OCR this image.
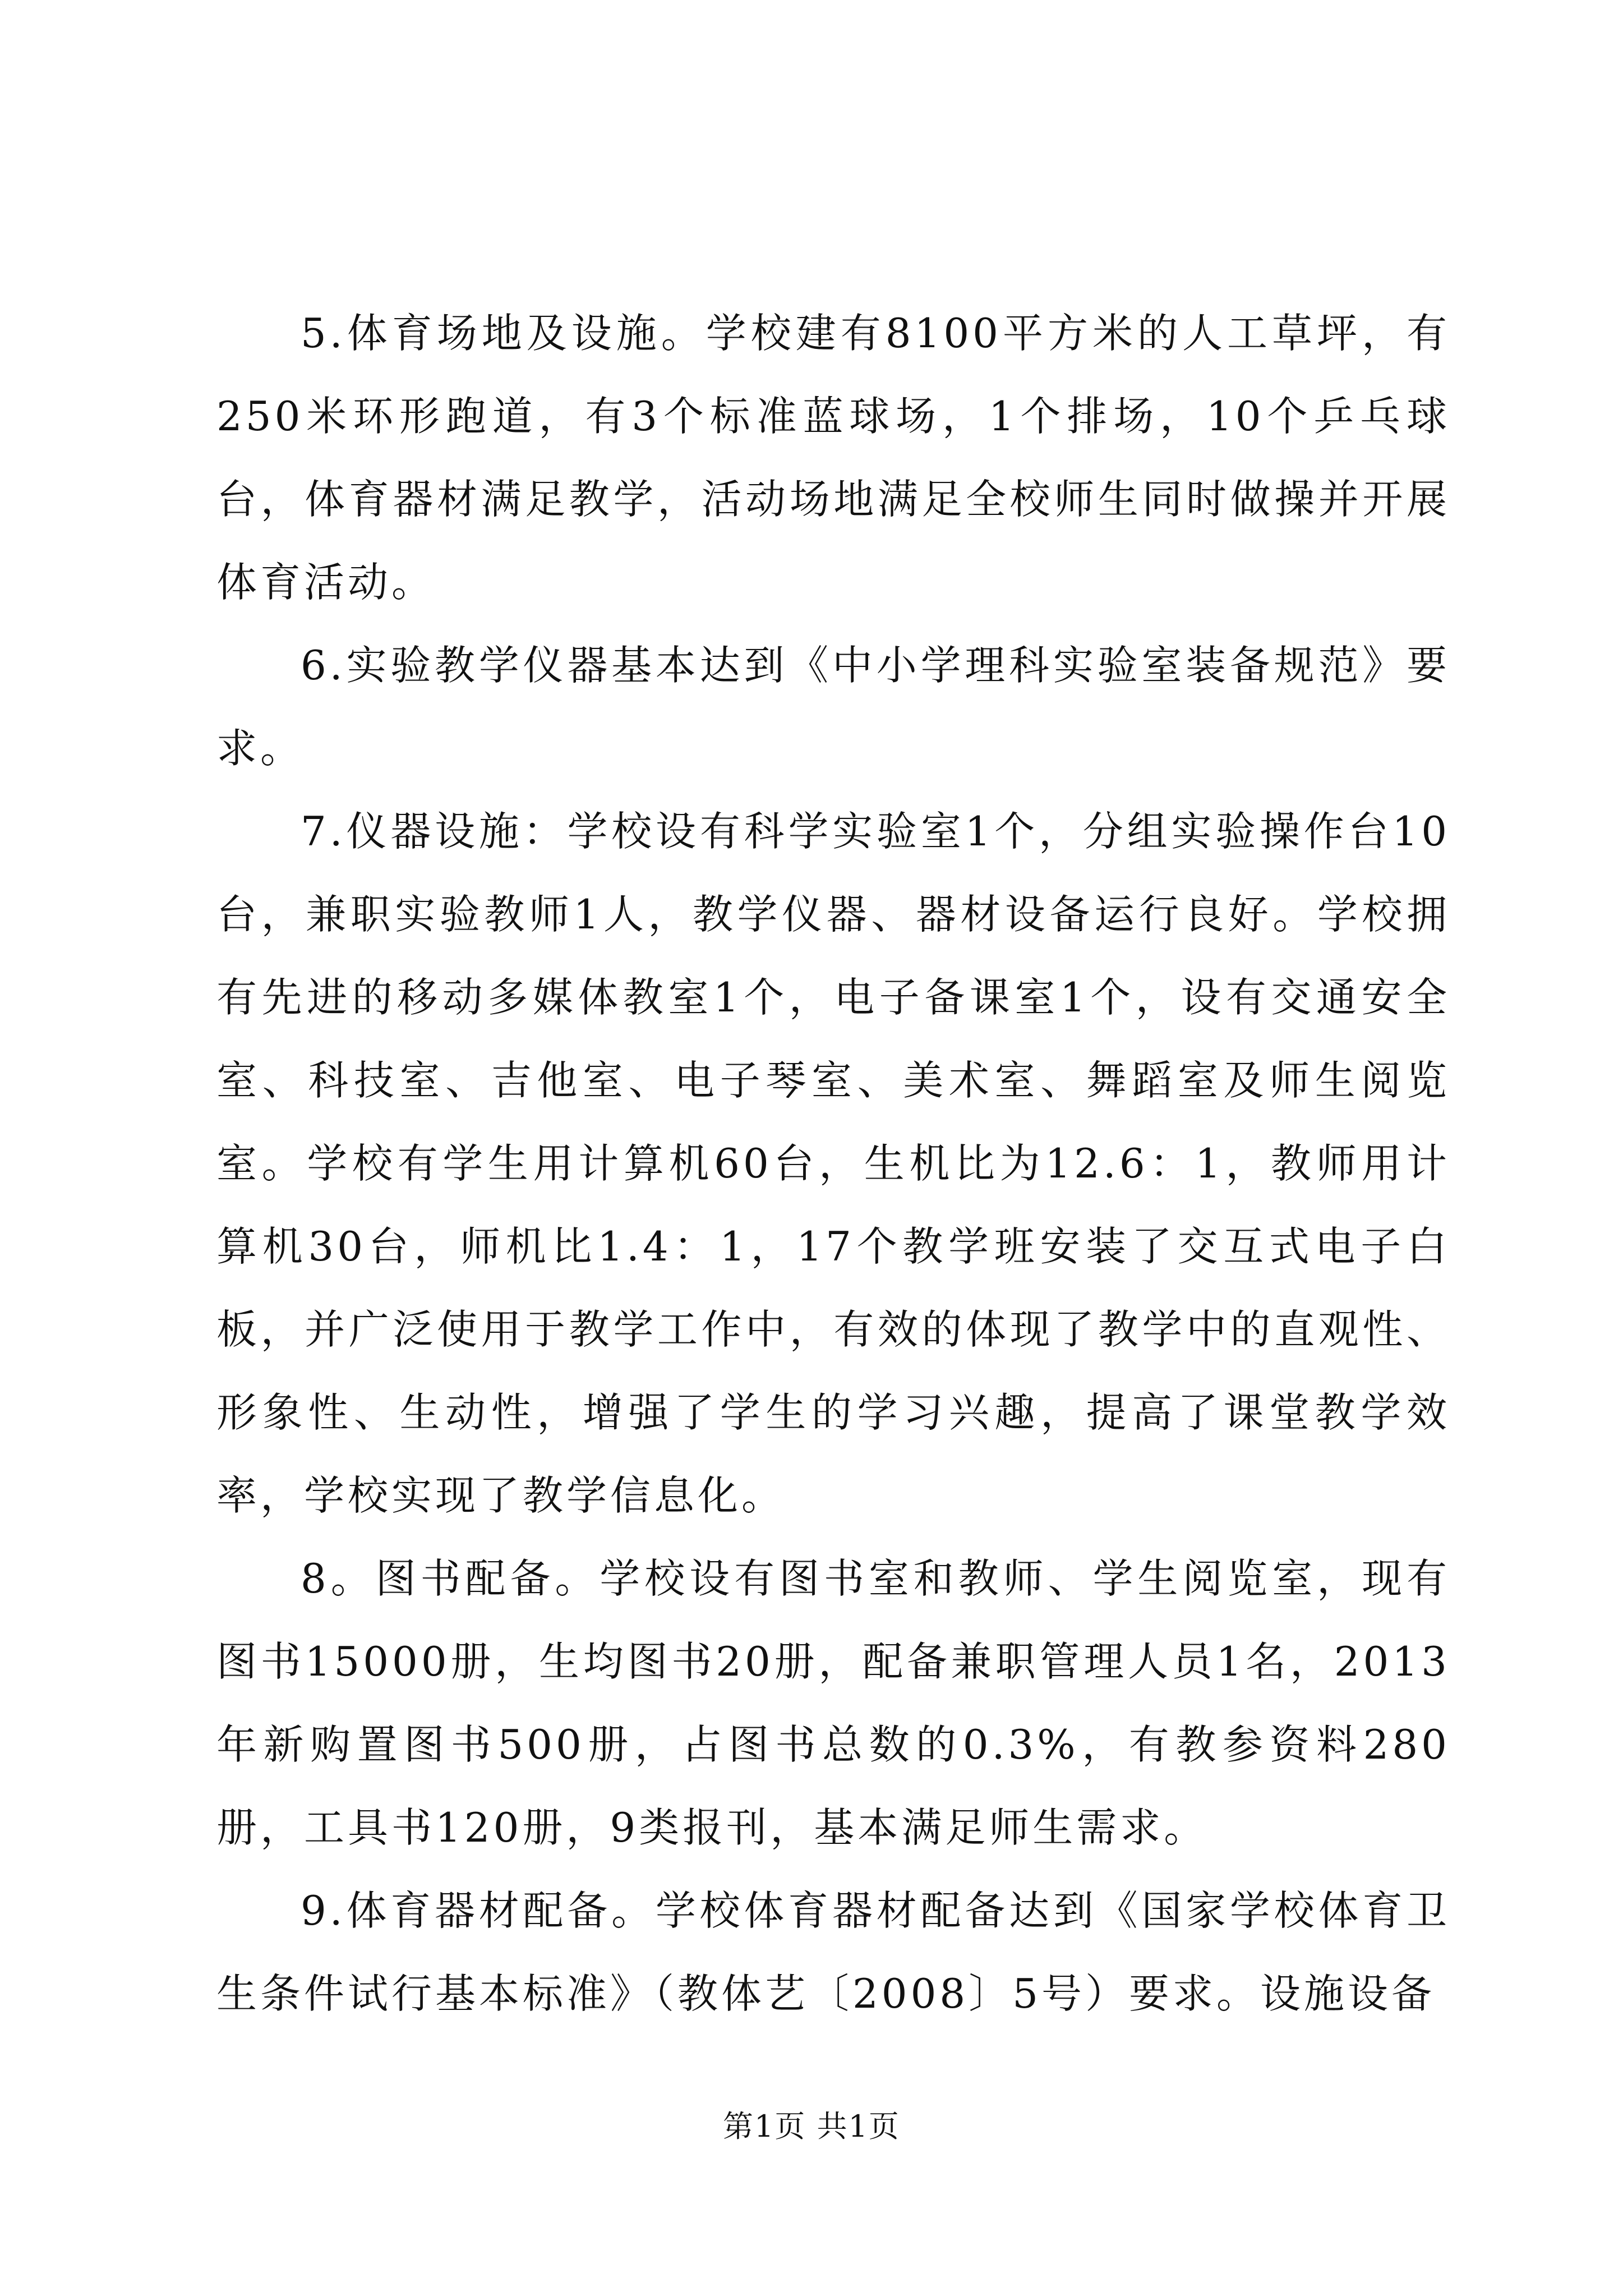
5.体育场地及设施。学校建有8100平方米的人工草坪，有250米环形跑道，有3个标准蓝球场，1个排场，10个乒乓球台，体育器材满足教学，活动场地满足全校师生同时做操并开展体育活动。

6.实验教学仪器基本达到《中小学理科实验室装备规范》要求。

7.仪器设施：学校设有科学实验室1个，分组实验操作台10台，兼职实验教师1人，教学仪器、器材设备运行良好。学校拥有先进的移动多媒体教室1个，电子备课室1个，设有交通安全室、科技室、吉他室、电子琴室、美术室、舞蹈室及师生阅览室。学校有学生用计算机60台，生机比为12.6：1，教师用计算机30台，师机比1.4：1，17个教学班安装了交互式电子白板，并广泛使用于教学工作中，有效的体现了教学中的直观性、形象性、生动性，增强了学生的学习兴趣，提高了课堂教学效率，学校实现了教学信息化。

8。图书配备。学校设有图书室和教师、学生阅览室，现有图书15000册，生均图书20册，配备兼职管理人员1名，2013年新购置图书500册，占图书总数的0.3%，有教参资料280册，工具书120册，9类报刊，基本满足师生需求。

9.体育器材配备。学校体育器材配备达到《国家学校体育卫生条件试行基本标准》（教体艺〔2008〕5号）要求。设施设备

第1页 共1页
